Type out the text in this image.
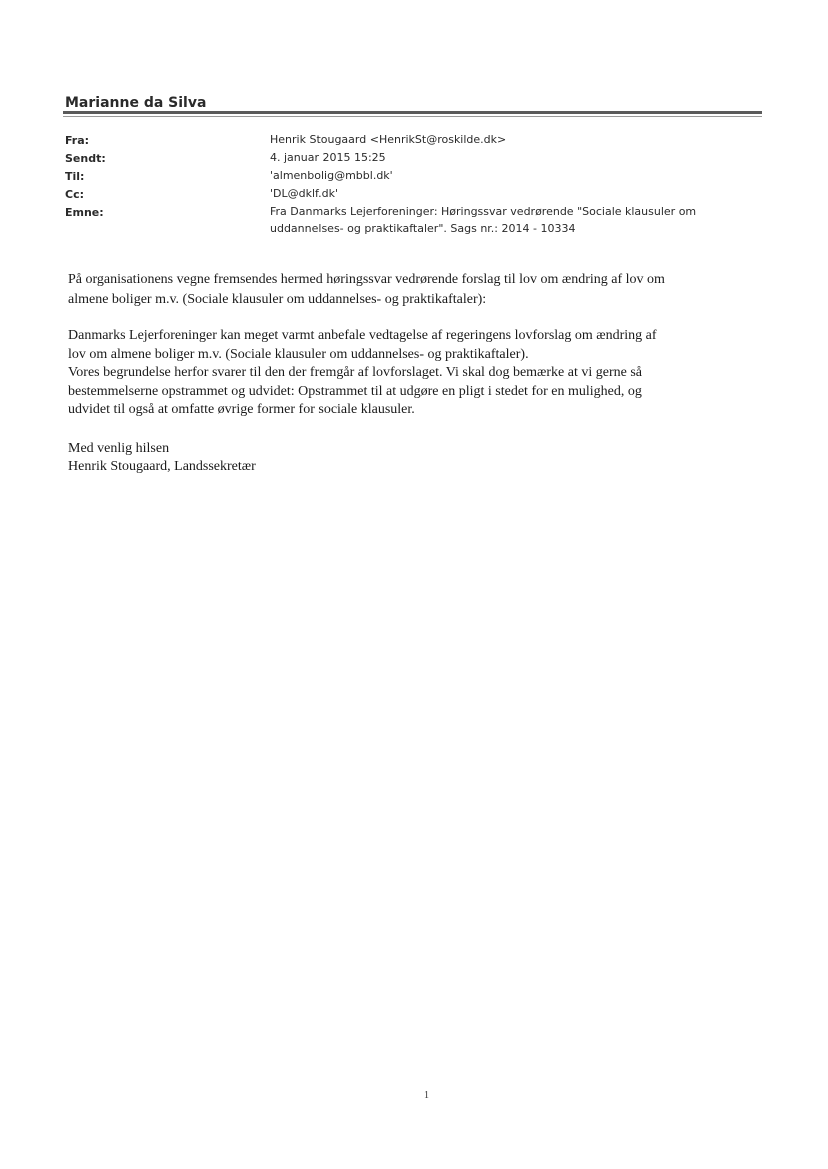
Marianne da Silva
Fra:	Henrik Stougaard <HenrikSt@roskilde.dk>
Sendt:	4. januar 2015 15:25
Til:	'almenbolig@mbbl.dk'
Cc:	'DL@dklf.dk'
Emne:	Fra Danmarks Lejerforeninger: Høringssvar vedrørende "Sociale klausuler om
uddannelses- og praktikaftaler". Sags nr.: 2014 - 10334
På organisationens vegne fremsendes hermed høringssvar vedrørende forslag til lov om ændring af lov om
almene boliger m.v. (Sociale klausuler om uddannelses- og praktikaftaler):
Danmarks Lejerforeninger kan meget varmt anbefale vedtagelse af regeringens lovforslag om ændring af
lov om almene boliger m.v. (Sociale klausuler om uddannelses- og praktikaftaler).
Vores begrundelse herfor svarer til den der fremgår af lovforslaget. Vi skal dog bemærke at vi gerne så
bestemmelserne opstrammet og udvidet: Opstrammet til at udgøre en pligt i stedet for en mulighed, og
udvidet til også at omfatte øvrige former for sociale klausuler.
Med venlig hilsen
Henrik Stougaard, Landssekretær
1
